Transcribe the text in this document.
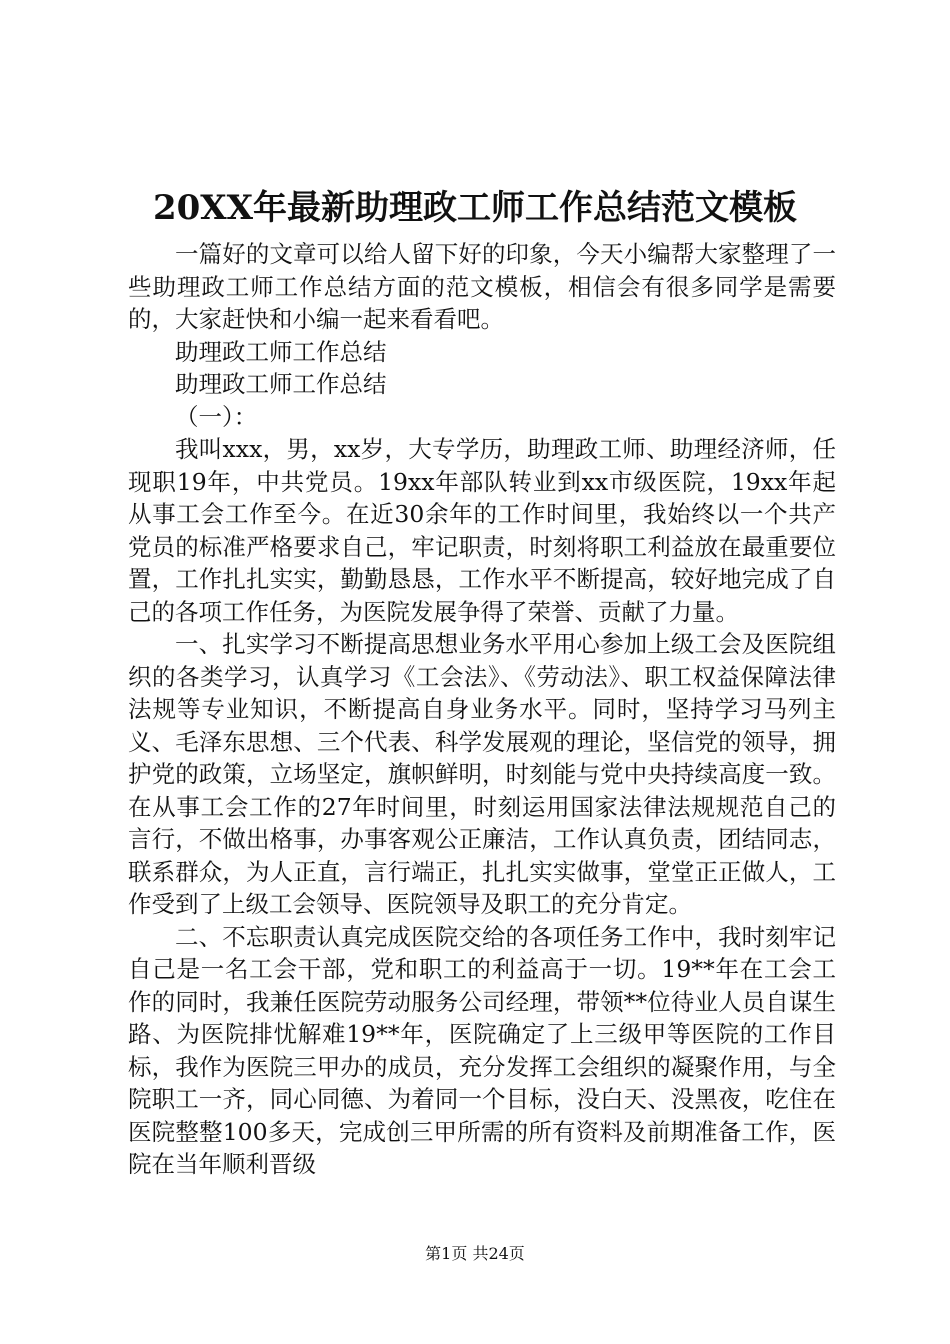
20XX年最新助理政工师工作总结范文模板

一篇好的文章可以给人留下好的印象，今天小编帮大家整理了一些助理政工师工作总结方面的范文模板，相信会有很多同学是需要的，大家赶快和小编一起来看看吧。

助理政工师工作总结

助理政工师工作总结

（一）：

我叫xxx，男，xx岁，大专学历，助理政工师、助理经济师，任现职19年，中共党员。19xx年部队转业到xx市级医院，19xx年起从事工会工作至今。在近30余年的工作时间里，我始终以一个共产党员的标准严格要求自己，牢记职责，时刻将职工利益放在最重要位置，工作扎扎实实，勤勤恳恳，工作水平不断提高，较好地完成了自己的各项工作任务，为医院发展争得了荣誉、贡献了力量。

一、扎实学习不断提高思想业务水平用心参加上级工会及医院组织的各类学习，认真学习《工会法》、《劳动法》、职工权益保障法律法规等专业知识，不断提高自身业务水平。同时，坚持学习马列主义、毛泽东思想、三个代表、科学发展观的理论，坚信党的领导，拥护党的政策，立场坚定，旗帜鲜明，时刻能与党中央持续高度一致。在从事工会工作的27年时间里，时刻运用国家法律法规规范自己的言行，不做出格事，办事客观公正廉洁，工作认真负责，团结同志，联系群众，为人正直，言行端正，扎扎实实做事，堂堂正正做人，工作受到了上级工会领导、医院领导及职工的充分肯定。

二、不忘职责认真完成医院交给的各项任务工作中，我时刻牢记自己是一名工会干部，党和职工的利益高于一切。19**年在工会工作的同时，我兼任医院劳动服务公司经理，带领**位待业人员自谋生路、为医院排忧解难19**年，医院确定了上三级甲等医院的工作目标，我作为医院三甲办的成员，充分发挥工会组织的凝聚作用，与全院职工一齐，同心同德、为着同一个目标，没白天、没黑夜，吃住在医院整整100多天，完成创三甲所需的所有资料及前期准备工作，医院在当年顺利晋级

第1页 共24页
